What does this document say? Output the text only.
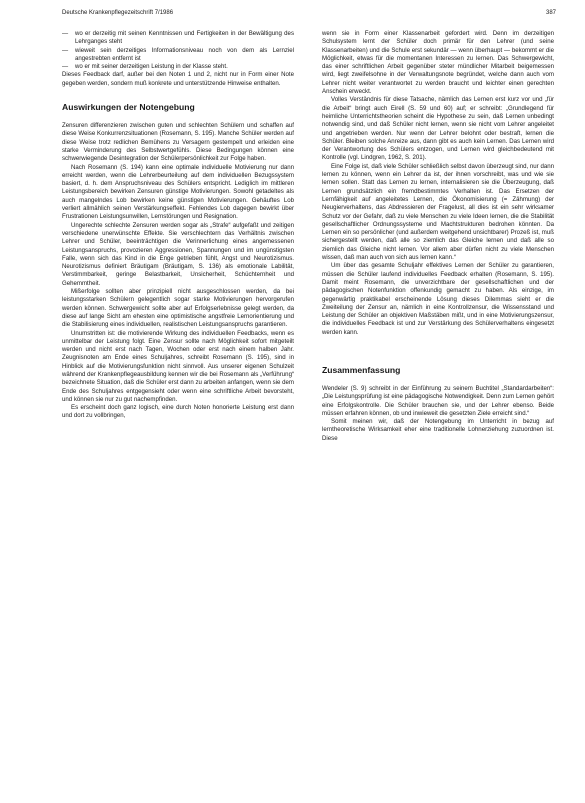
Deutsche Krankenpflegezeitschrift 7/1986	387
— wo er derzeitig mit seinen Kenntnissen und Fertigkeiten in der Bewältigung des Lehrganges steht
— wieweit sein derzeitiges Informationsniveau noch von dem als Lernziel angestrebten entfernt ist
— wo er mit seiner derzeitigen Leistung in der Klasse steht.

Dieses Feedback darf, außer bei den Noten 1 und 2, nicht nur in Form einer Note gegeben werden, sondern muß konkrete und unterstützende Hinweise enthalten.

Auswirkungen der Notengebung

Zensuren differenzieren zwischen guten und schlechten Schülern und schaffen auf diese Weise Konkurrenzsituationen (Rosemann, S. 195). Manche Schüler werden auf diese Weise trotz redlichen Bemühens zu Versagern gestempelt und erleiden eine starke Verminderung des Selbstwertgefühls. Diese Bedingungen können eine schwerwiegende Desintegration der Schülerpersönlichkeit zur Folge haben.

Nach Rosemann (S. 194) kann eine optimale individuelle Motivierung nur dann erreicht werden, wenn die Lehrerbeurteilung auf dem individuellen Bezugssystem basiert, d. h. dem Anspruchsniveau des Schülers entspricht. Lediglich im mittleren Leistungsbereich bewirken Zensuren günstige Motivierungen. Sowohl getadeltes als auch mangelndes Lob bewirken keine günstigen Motivierungen. Gehäuftes Lob verliert allmählich seinen Verstärkungseffekt. Fehlendes Lob dagegen bewirkt über Frustrationen Leistungsunwillen, Lernstörungen und Resignation.

Ungerechte schlechte Zensuren werden sogar als „Strafe“ aufgefaßt und zeitigen verschiedene unerwünschte Effekte. Sie verschlechtern das Verhältnis zwischen Lehrer und Schüler, beeinträchtigen die Verinnerlichung eines angemessenen Leistungsanspruchs, provozieren Aggressionen, Spannungen und im ungünstigsten Falle, wenn sich das Kind in die Enge getrieben fühlt, Angst und Neurotizismus. Neurotizismus definiert Bräutigam (Bräutigam, S. 136) als emotionale Labilität, Verstimmbarkeit, geringe Belastbarkeit, Unsicherheit, Schüchternheit und Gehemmtheit.

Mißerfolge sollten aber prinzipiell nicht ausgeschlossen werden, da bei leistungsstarken Schülern gelegentlich sogar starke Motivierungen hervorgerufen werden können. Schwergewicht sollte aber auf Erfolgserlebnisse gelegt werden, da diese auf lange Sicht am ehesten eine optimistische angstfreie Lernorientierung und die Stabilisierung eines individuellen, realistischen Leistungsanspruchs garantieren.

Unumstritten ist: die motivierende Wirkung des individuellen Feedbacks, wenn es unmittelbar der Leistung folgt. Eine Zensur sollte nach Möglichkeit sofort mitgeteilt werden und nicht erst nach Tagen, Wochen oder erst nach einem halben Jahr. Zeugnisnoten am Ende eines Schuljahres, schreibt Rosemann (S. 195), sind in Hinblick auf die Motivierungsfunktion nicht sinnvoll. Aus unserer eigenen Schulzeit während der Krankenpflegeausbildung kennen wir die bei Rosemann als „Verführung“ bezeichnete Situation, daß die Schüler erst dann zu arbeiten anfangen, wenn sie dem Ende des Schuljahres entgegensieht oder wenn eine schriftliche Arbeit bevorsteht, und können sie nur zu gut nachempfinden.

Es erscheint doch ganz logisch, eine durch Noten honorierte Leistung erst dann und dort zu vollbringen,

wenn sie in Form einer Klassenarbeit gefordert wird. Denn im derzeitigen Schulsystem lernt der Schüler doch primär für den Lehrer (und seine Klassenarbeiten) und die Schule erst sekundär — wenn überhaupt — bekommt er die Möglichkeit, etwas für die momentanen Interessen zu lernen. Das Schwergewicht, das einer schriftlichen Arbeit gegenüber steter mündlicher Mitarbeit beigemessen wird, liegt zweifelsohne in der Verwaltungsnote begründet, welche dann auch vom Lehrer nicht weiter verantwortet zu werden braucht und leichter einen gerechten Anschein erweckt.

Volles Verständnis für diese Tatsache, nämlich das Lernen erst kurz vor und „für die Arbeit“ bringt auch Eirell (S. 59 und 60) auf; er schreibt: „Grundlegend für heimliche Unterrichtstheorien scheint die Hypothese zu sein, daß Lernen unbedingt notwendig sind, und daß Schüler nicht lernen, wenn sie nicht vom Lehrer angeleitet und angetrieben werden. Nur wenn der Lehrer belohnt oder bestraft, lernen die Schüler. Bleiben solche Anreize aus, dann gibt es auch kein Lernen. Das Lernen wird der Verantwortung des Schülers entzogen, und Lernen wird gleichbedeutend mit Kontrolle (vgl. Lindgren, 1962, S. 201).

Eine Folge ist, daß viele Schüler schließlich selbst davon überzeugt sind, nur dann lernen zu können, wenn ein Lehrer da ist, der ihnen vorschreibt, was und wie sie lernen sollen. Statt das Lernen zu lernen, internalisieren sie die Überzeugung, daß Lernen grundsätzlich ein fremdbestimmtes Verhalten ist. Das Ersetzen der Lernfähigkeit auf angeleitetes Lernen, die Ökonomisierung (= Zähmung) der Neugierverhaltens, das Abdressieren der Fragelust, all dies ist ein sehr wirksamer Schutz vor der Gefahr, daß zu viele Menschen zu viele Ideen lernen, die die Stabilität gesellschaftlicher Ordnungssysteme und Machtstrukturen bedrohen könnten. Da Lernen ein so persönlicher (und außerdem weitgehend unsichtbarer) Prozeß ist, muß sichergestellt werden, daß alle so ziemlich das Gleiche lernen und daß alle so ziemlich das Gleiche nicht lernen. Vor allem aber dürfen nicht zu viele Menschen wissen, daß man auch von sich aus lernen kann.“

Um über das gesamte Schuljahr effektives Lernen der Schüler zu garantieren, müssen die Schüler laufend individuelles Feedback erhalten (Rosemann, S. 195). Damit meint Rosemann, die unverzichtbare der gesellschaftlichen und der pädagogischen Notenfunktion offenkundig gemacht zu haben. Als einzige, im gegenwärtig praktikabel erscheinende Lösung dieses Dilemmas sieht er die Zweiteilung der Zensur an, nämlich in eine Kontrollzensur, die Wissensstand und Leistung der Schüler an objektiven Maßstäben mißt, und in eine Motivierungszensur, die individuelles Feedback ist und zur Verstärkung des Schülerverhaltens eingesetzt werden kann.

Zusammenfassung

Wendeler (S. 9) schreibt in der Einführung zu seinem Buchtitel „Standardarbeiten“: „Die Leistungsprüfung ist eine pädagogische Notwendigkeit. Denn zum Lernen gehört eine Erfolgskontrolle. Die Schüler brauchen sie, und der Lehrer ebenso. Beide müssen erfahren können, ob und inwieweit die gesetzten Ziele erreicht sind.“

Somit meinen wir, daß der Notengebung im Unterricht in bezug auf lerntheoretische Wirksamkeit eher eine traditionelle Lohnerziehung zuzuordnen ist. Diese
